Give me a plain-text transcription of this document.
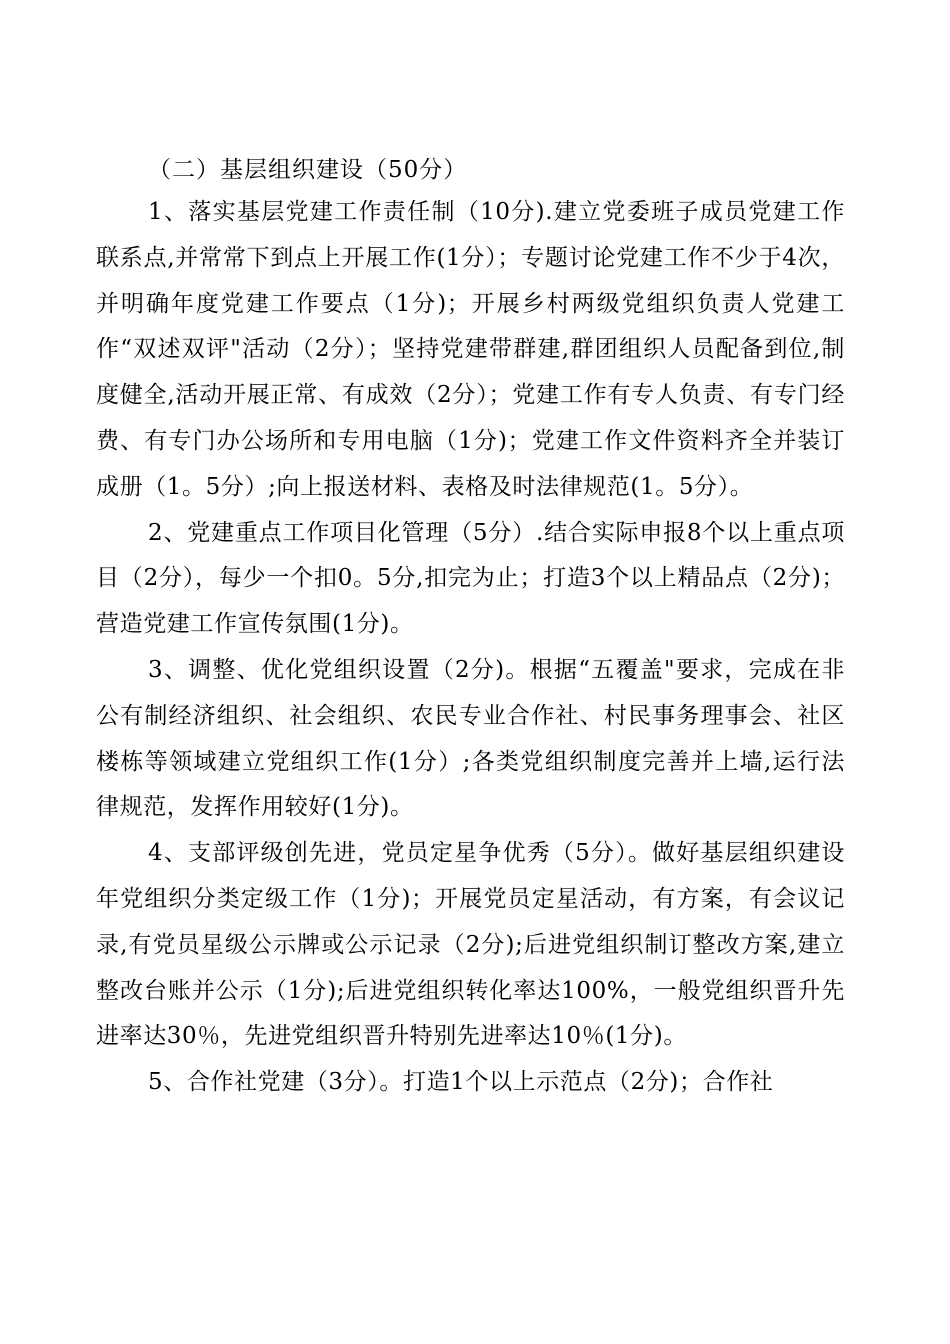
（二）基层组织建设（50分）

1、落实基层党建工作责任制（10分).建立党委班子成员党建工作联系点,并常常下到点上开展工作(1分）；专题讨论党建工作不少于4次，并明确年度党建工作要点（1分)；开展乡村两级党组织负责人党建工作“双述双评"活动（2分）；坚持党建带群建,群团组织人员配备到位,制度健全,活动开展正常、有成效（2分）；党建工作有专人负责、有专门经费、有专门办公场所和专用电脑（1分)；党建工作文件资料齐全并装订成册（1。5分）;向上报送材料、表格及时法律规范(1。5分）。

2、党建重点工作项目化管理（5分）.结合实际申报8个以上重点项目（2分），每少一个扣0。5分,扣完为止；打造3个以上精品点（2分)；营造党建工作宣传氛围(1分)。

3、调整、优化党组织设置（2分)。根据“五覆盖"要求，完成在非公有制经济组织、社会组织、农民专业合作社、村民事务理事会、社区楼栋等领域建立党组织工作(1分）;各类党组织制度完善并上墙,运行法律规范，发挥作用较好(1分)。

4、支部评级创先进，党员定星争优秀（5分）。做好基层组织建设年党组织分类定级工作（1分)；开展党员定星活动，有方案，有会议记录,有党员星级公示牌或公示记录（2分);后进党组织制订整改方案,建立整改台账并公示（1分);后进党组织转化率达100%，一般党组织晋升先进率达30％，先进党组织晋升特别先进率达10％(1分)。

5、合作社党建（3分）。打造1个以上示范点（2分)；合作社
